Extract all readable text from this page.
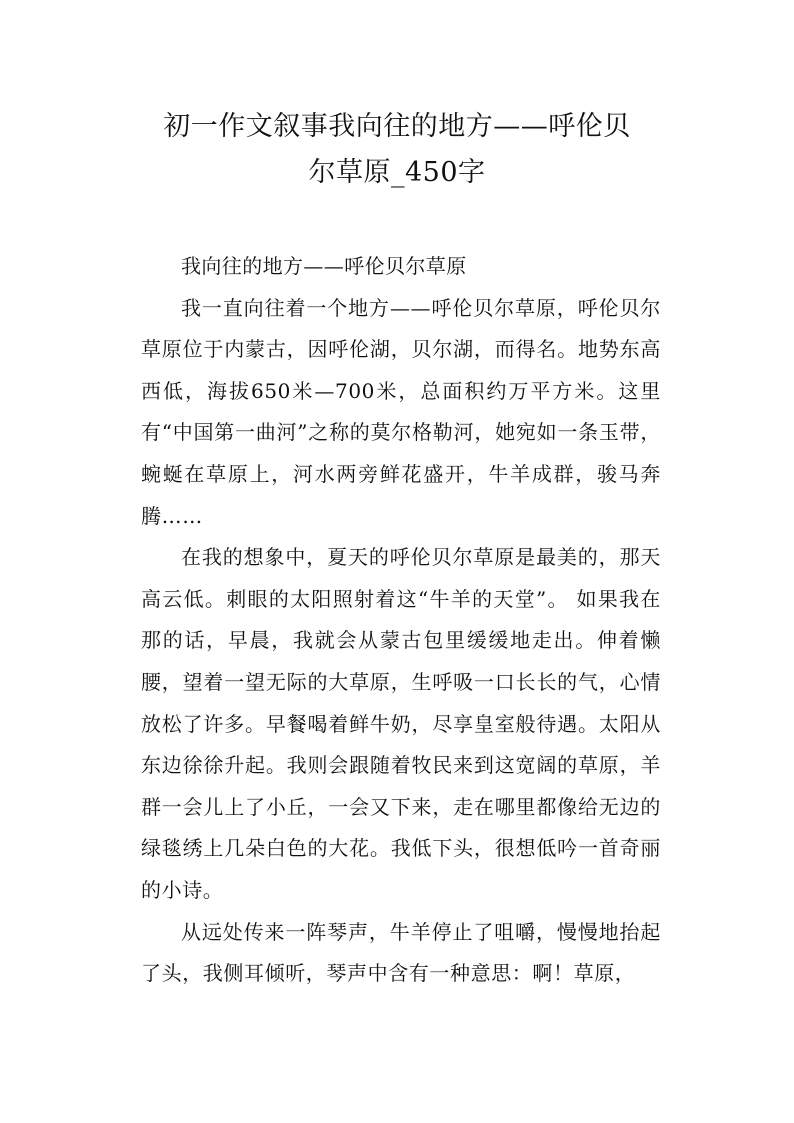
初一作文叙事我向往的地方——呼伦贝
尔草原_450字

我向往的地方——呼伦贝尔草原

我一直向往着一个地方——呼伦贝尔草原，呼伦贝尔草原位于内蒙古，因呼伦湖，贝尔湖，而得名。地势东高西低，海拔650米—700米，总面积约万平方米。这里有“中国第一曲河”之称的莫尔格勒河，她宛如一条玉带，蜿蜒在草原上，河水两旁鲜花盛开，牛羊成群，骏马奔腾……

在我的想象中，夏天的呼伦贝尔草原是最美的，那天高云低。刺眼的太阳照射着这“牛羊的天堂”。 如果我在那的话，早晨，我就会从蒙古包里缓缓地走出。伸着懒腰，望着一望无际的大草原，生呼吸一口长长的气，心情放松了许多。早餐喝着鲜牛奶，尽享皇室般待遇。太阳从东边徐徐升起。我则会跟随着牧民来到这宽阔的草原，羊群一会儿上了小丘，一会又下来，走在哪里都像给无边的绿毯绣上几朵白色的大花。我低下头，很想低吟一首奇丽的小诗。

从远处传来一阵琴声，牛羊停止了咀嚼，慢慢地抬起了头，我侧耳倾听，琴声中含有一种意思：啊！草原，
